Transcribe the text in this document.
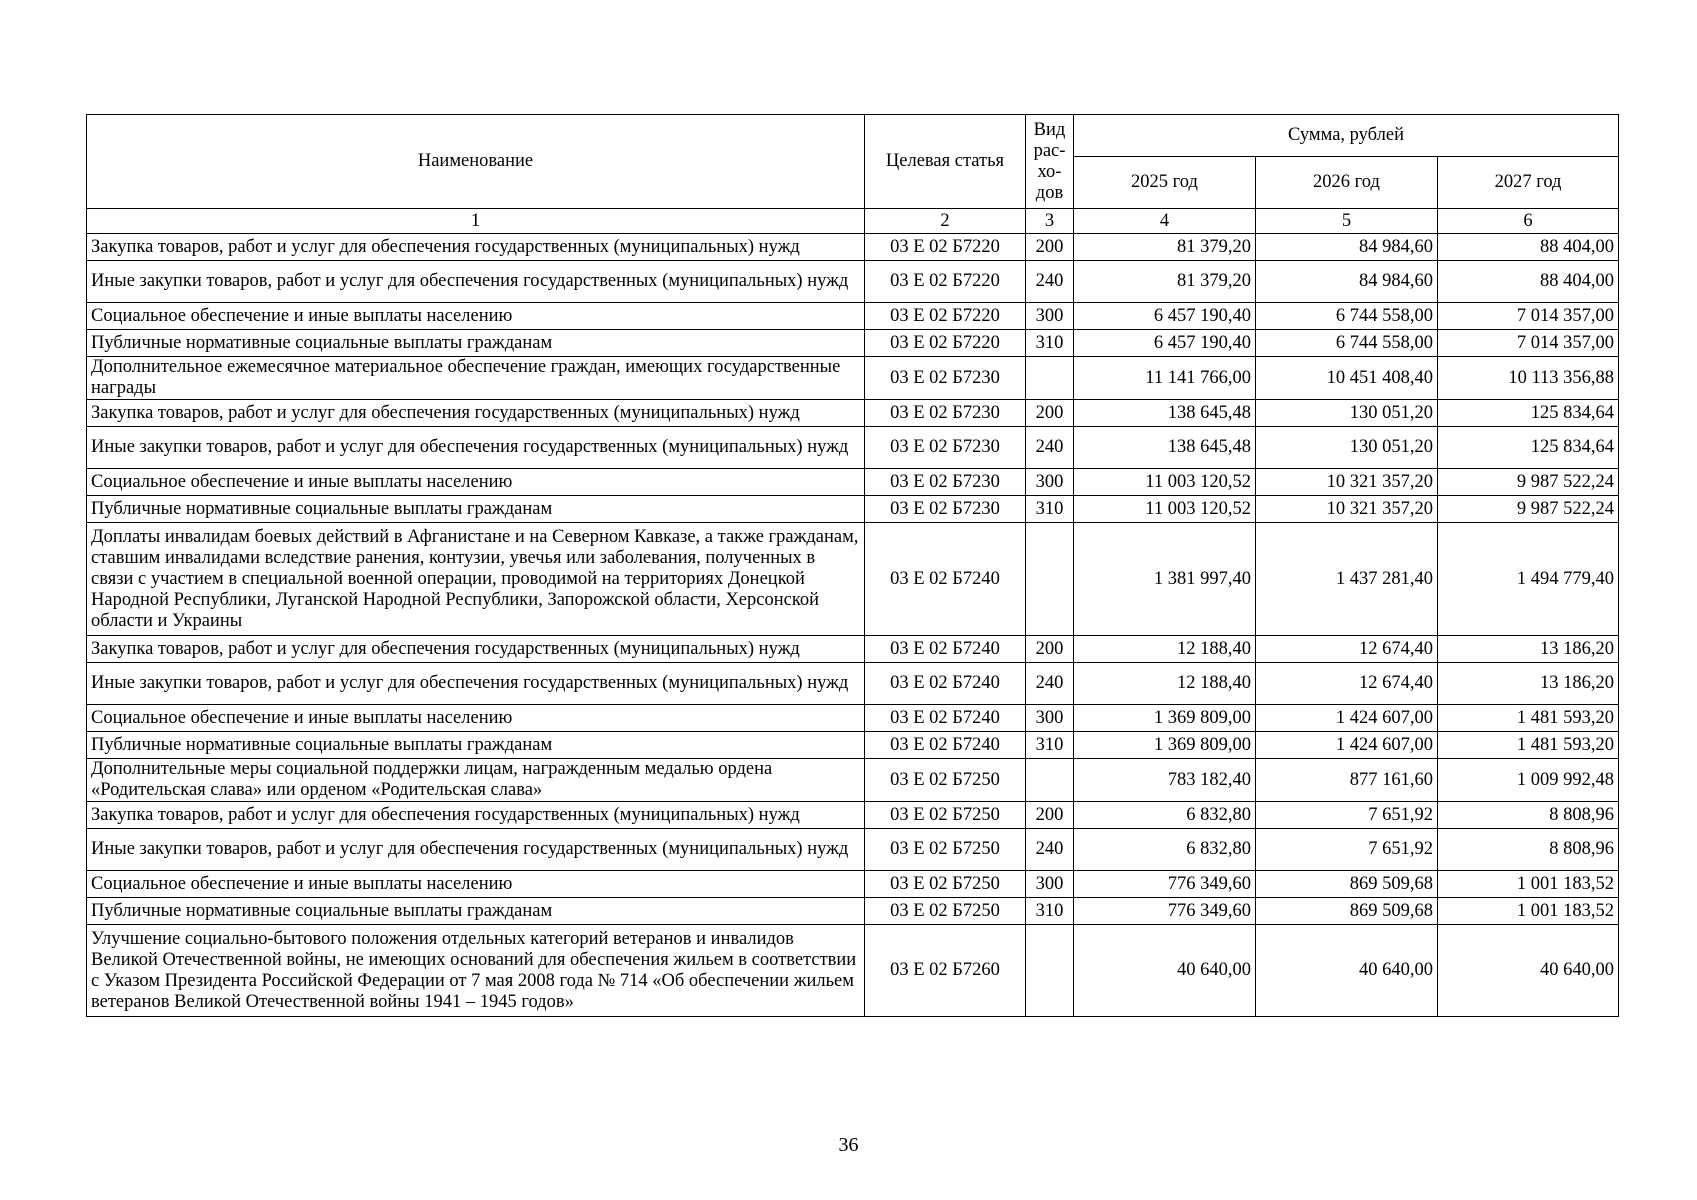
Наименование	Целевая статья	Вид
рас-
хо-
дов	Сумма, рублей		
			2025 год	2026 год	2027 год
1	2	3	4	5	6
Закупка товаров, работ и услуг для обеспечения государственных (муниципальных) нужд	03 Е 02 Б7220	200	81 379,20	84 984,60	88 404,00
Иные закупки товаров, работ и услуг для обеспечения государственных (муниципальных) нужд	03 Е 02 Б7220	240	81 379,20	84 984,60	88 404,00
Социальное обеспечение и иные выплаты населению	03 Е 02 Б7220	300	6 457 190,40	6 744 558,00	7 014 357,00
Публичные нормативные социальные выплаты гражданам	03 Е 02 Б7220	310	6 457 190,40	6 744 558,00	7 014 357,00
Дополнительное ежемесячное материальное обеспечение граждан, имеющих государственные награды	03 Е 02 Б7230		11 141 766,00	10 451 408,40	10 113 356,88
Закупка товаров, работ и услуг для обеспечения государственных (муниципальных) нужд	03 Е 02 Б7230	200	138 645,48	130 051,20	125 834,64
Иные закупки товаров, работ и услуг для обеспечения государственных (муниципальных) нужд	03 Е 02 Б7230	240	138 645,48	130 051,20	125 834,64
Социальное обеспечение и иные выплаты населению	03 Е 02 Б7230	300	11 003 120,52	10 321 357,20	9 987 522,24
Публичные нормативные социальные выплаты гражданам	03 Е 02 Б7230	310	11 003 120,52	10 321 357,20	9 987 522,24
Доплаты инвалидам боевых действий в Афганистане и на Северном Кавказе, а также гражданам, ставшим инвалидами вследствие ранения, контузии, увечья или заболевания, полученных в связи с участием в специальной военной операции, проводимой на территориях Донецкой Народной Республики, Луганской Народной Республики, Запорожской области, Херсонской области и Украины	03 Е 02 Б7240		1 381 997,40	1 437 281,40	1 494 779,40
Закупка товаров, работ и услуг для обеспечения государственных (муниципальных) нужд	03 Е 02 Б7240	200	12 188,40	12 674,40	13 186,20
Иные закупки товаров, работ и услуг для обеспечения государственных (муниципальных) нужд	03 Е 02 Б7240	240	12 188,40	12 674,40	13 186,20
Социальное обеспечение и иные выплаты населению	03 Е 02 Б7240	300	1 369 809,00	1 424 607,00	1 481 593,20
Публичные нормативные социальные выплаты гражданам	03 Е 02 Б7240	310	1 369 809,00	1 424 607,00	1 481 593,20
Дополнительные меры социальной поддержки лицам, награжденным медалью ордена «Родительская слава» или орденом «Родительская слава»	03 Е 02 Б7250		783 182,40	877 161,60	1 009 992,48
Закупка товаров, работ и услуг для обеспечения государственных (муниципальных) нужд	03 Е 02 Б7250	200	6 832,80	7 651,92	8 808,96
Иные закупки товаров, работ и услуг для обеспечения государственных (муниципальных) нужд	03 Е 02 Б7250	240	6 832,80	7 651,92	8 808,96
Социальное обеспечение и иные выплаты населению	03 Е 02 Б7250	300	776 349,60	869 509,68	1 001 183,52
Публичные нормативные социальные выплаты гражданам	03 Е 02 Б7250	310	776 349,60	869 509,68	1 001 183,52
Улучшение социально-бытового положения отдельных категорий ветеранов и инвалидов Великой Отечественной войны, не имеющих оснований для обеспечения жильем в соответствии с Указом Президента Российской Федерации от 7 мая 2008 года № 714 «Об обеспечении жильем ветеранов Великой Отечественной войны 1941 – 1945 годов»	03 Е 02 Б7260		40 640,00	40 640,00	40 640,00
36
